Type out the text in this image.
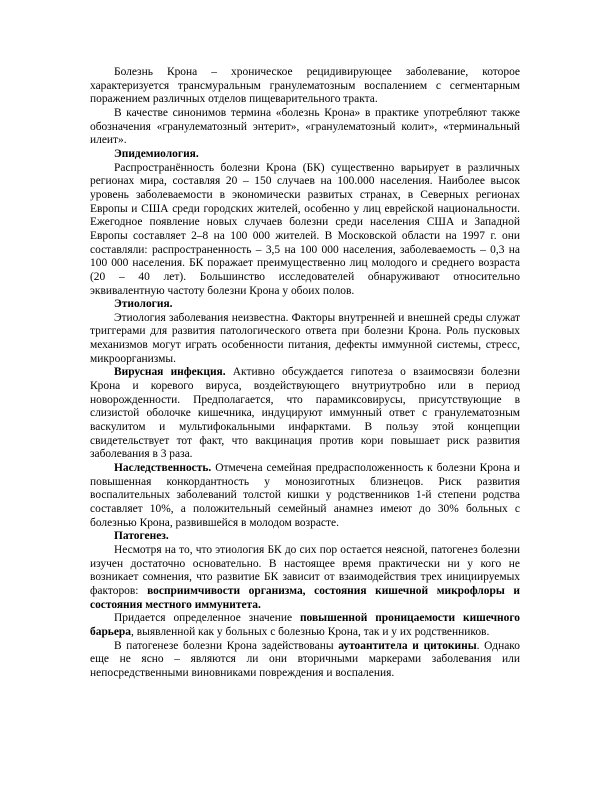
Болезнь Крона – хроническое рецидивирующее заболевание, которое характеризуется трансмуральным гранулематозным воспалением с сегментарным поражением различных отделов пищеварительного тракта.

В качестве синонимов термина «болезнь Крона» в практике употребляют также обозначения «гранулематозный энтерит», «гранулематозный колит», «терминальный илеит».

Эпидемиология.

Распространённость болезни Крона (БК) существенно варьирует в различных регионах мира, составляя 20 – 150 случаев на 100.000 населения. Наиболее высок уровень заболеваемости в экономически развитых странах, в Северных регионах Европы и США среди городских жителей, особенно у лиц еврейской национальности. Ежегодное появление новых случаев болезни среди населения США и Западной Европы составляет 2–8 на 100 000 жителей. В Московской области на 1997 г. они составляли: распространенность – 3,5 на 100 000 населения, заболеваемость – 0,3 на 100 000 населения. БК поражает преимущественно лиц молодого и среднего возраста (20 – 40 лет). Большинство исследователей обнаруживают относительно эквивалентную частоту болезни Крона у обоих полов.

Этиология.

Этиология заболевания неизвестна. Факторы внутренней и внешней среды служат триггерами для развития патологического ответа при болезни Крона. Роль пусковых механизмов могут играть особенности питания, дефекты иммунной системы, стресс, микроорганизмы.

Вирусная инфекция. Активно обсуждается гипотеза о взаимосвязи болезни Крона и коревого вируса, воздействующего внутриутробно или в период новорожденности. Предполагается, что парамиксовирусы, присутствующие в слизистой оболочке кишечника, индуцируют иммунный ответ с гранулематозным васкулитом и мультифокальными инфарктами. В пользу этой концепции свидетельствует тот факт, что вакцинация против кори повышает риск развития заболевания в 3 раза.

Наследственность. Отмечена семейная предрасположенность к болезни Крона и повышенная конкордантность у монозиготных близнецов. Риск развития воспалительных заболеваний толстой кишки у родственников 1-й степени родства составляет 10%, а положительный семейный анамнез имеют до 30% больных с болезнью Крона, развившейся в молодом возрасте.

Патогенез.

Несмотря на то, что этиология БК до сих пор остается неясной, патогенез болезни изучен достаточно основательно. В настоящее время практически ни у кого не возникает сомнения, что развитие БК зависит от взаимодействия трех инициируемых факторов: восприимчивости организма, состояния кишечной микрофлоры и состояния местного иммунитета.

Придается определенное значение повышенной проницаемости кишечного барьера, выявленной как у больных с болезнью Крона, так и у их родственников.

В патогенезе болезни Крона задействованы аутоантитела и цитокины. Однако еще не ясно – являются ли они вторичными маркерами заболевания или непосредственными виновниками повреждения и воспаления.
